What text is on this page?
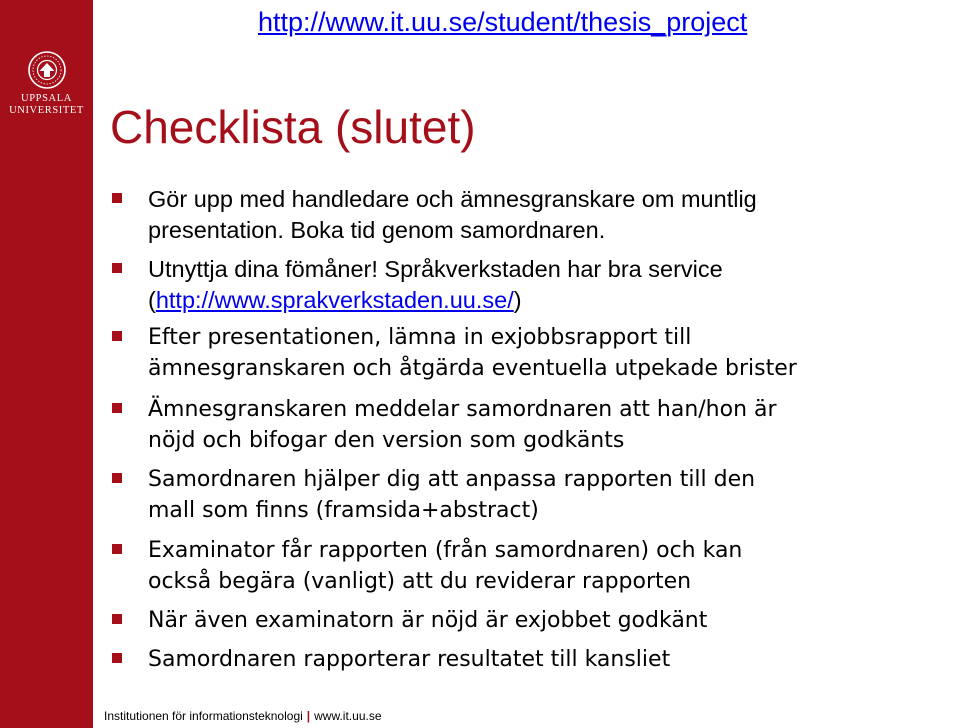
UPPSALA
UNIVERSITET
http://www.it.uu.se/student/thesis_project
Checklista (slutet)
Gör upp med handledare och ämnesgranskare om muntlig
presentation. Boka tid genom samordnaren.
Utnyttja dina fömåner! Språkverkstaden har bra service
(http://www.sprakverkstaden.uu.se/)
Efter presentationen, lämna in exjobbsrapport till
ämnesgranskaren och åtgärda eventuella utpekade brister
Ämnesgranskaren meddelar samordnaren att han/hon är
nöjd och bifogar den version som godkänts
Samordnaren hjälper dig att anpassa rapporten till den
mall som finns (framsida+abstract)
Examinator får rapporten (från samordnaren) och kan
också begära (vanligt) att du reviderar rapporten
När även examinatorn är nöjd är exjobbet godkänt
Samordnaren rapporterar resultatet till kansliet
Institutionen för informationsteknologi | www.it.uu.se
